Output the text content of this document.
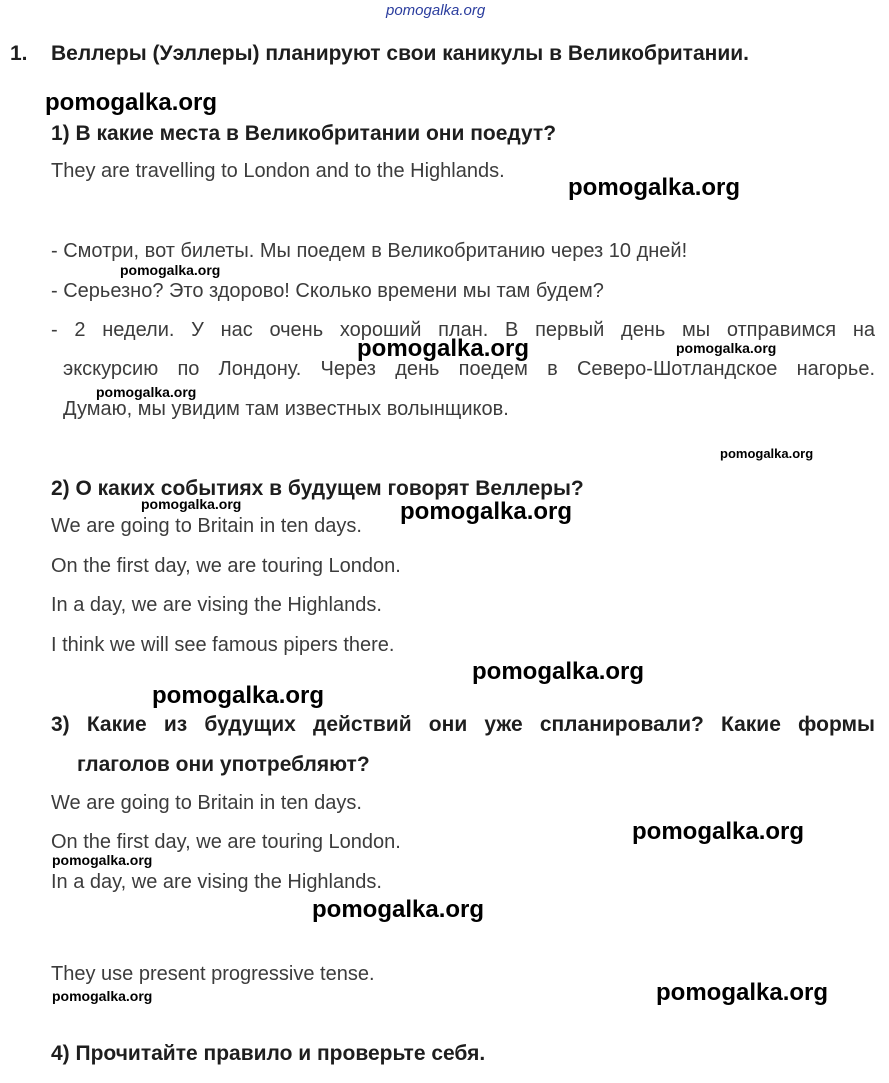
pomogalka.org
1. Веллеры (Уэллеры) планируют свои каникулы в Великобритании.
1) В какие места в Великобритании они поедут?
They are travelling to London and to the Highlands.
- Смотри, вот билеты. Мы поедем в Великобританию через 10 дней!
- Серьезно? Это здорово! Сколько времени мы там будем?
- 2 недели. У нас очень хороший план. В первый день мы отправимся на
экскурсию по Лондону. Через день поедем в Северо-Шотландское нагорье.
Думаю, мы увидим там известных волынщиков.
2) О каких событиях в будущем говорят Веллеры?
We are going to Britain in ten days.
On the first day, we are touring London.
In a day, we are vising the Highlands.
I think we will see famous pipers there.
3) Какие из будущих действий они уже спланировали? Какие формы
глаголов они употребляют?
We are going to Britain in ten days.
On the first day, we are touring London.
In a day, we are vising the Highlands.
They use present progressive tense.
4) Прочитайте правило и проверьте себя.
pomogalka.org
pomogalka.org
pomogalka.org
pomogalka.org	pomogalka.org
pomogalka.org
pomogalka.org
pomogalka.org	pomogalka.org
pomogalka.org
pomogalka.org
pomogalka.org
pomogalka.org
pomogalka.org
pomogalka.org	pomogalka.org
